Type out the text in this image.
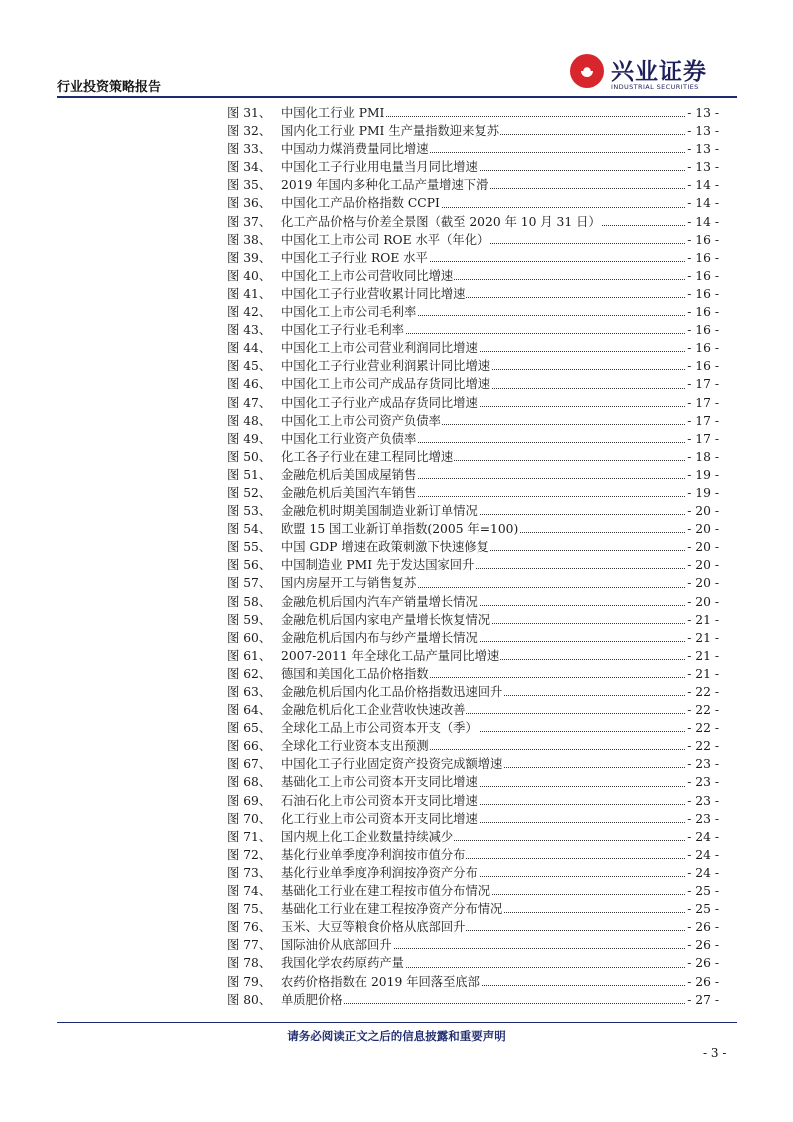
行业投资策略报告
兴业证券
INDUSTRIAL SECURITIES
图 31、 中国化工行业 PMI	- 13 -
图 32、 国内化工行业 PMI 生产量指数迎来复苏	- 13 -
图 33、 中国动力煤消费量同比增速	- 13 -
图 34、 中国化工子行业用电量当月同比增速	- 13 -
图 35、 2019 年国内多种化工品产量增速下滑	- 14 -
图 36、 中国化工产品价格指数 CCPI	- 14 -
图 37、 化工产品价格与价差全景图（截至 2020 年 10 月 31 日）	- 14 -
图 38、 中国化工上市公司 ROE 水平（年化）	- 16 -
图 39、 中国化工子行业 ROE 水平	- 16 -
图 40、 中国化工上市公司营收同比增速	- 16 -
图 41、 中国化工子行业营收累计同比增速	- 16 -
图 42、 中国化工上市公司毛利率	- 16 -
图 43、 中国化工子行业毛利率	- 16 -
图 44、 中国化工上市公司营业利润同比增速	- 16 -
图 45、 中国化工子行业营业利润累计同比增速	- 16 -
图 46、 中国化工上市公司产成品存货同比增速	- 17 -
图 47、 中国化工子行业产成品存货同比增速	- 17 -
图 48、 中国化工上市公司资产负债率	- 17 -
图 49、 中国化工行业资产负债率	- 17 -
图 50、 化工各子行业在建工程同比增速	- 18 -
图 51、 金融危机后美国成屋销售	- 19 -
图 52、 金融危机后美国汽车销售	- 19 -
图 53、 金融危机时期美国制造业新订单情况	- 20 -
图 54、 欧盟 15 国工业新订单指数(2005 年=100)	- 20 -
图 55、 中国 GDP 增速在政策刺激下快速修复	- 20 -
图 56、 中国制造业 PMI 先于发达国家回升	- 20 -
图 57、 国内房屋开工与销售复苏	- 20 -
图 58、 金融危机后国内汽车产销量增长情况	- 20 -
图 59、 金融危机后国内家电产量增长恢复情况	- 21 -
图 60、 金融危机后国内布与纱产量增长情况	- 21 -
图 61、 2007-2011 年全球化工品产量同比增速	- 21 -
图 62、 德国和美国化工品价格指数	- 21 -
图 63、 金融危机后国内化工品价格指数迅速回升	- 22 -
图 64、 金融危机后化工企业营收快速改善	- 22 -
图 65、 全球化工品上市公司资本开支（季）	- 22 -
图 66、 全球化工行业资本支出预测	- 22 -
图 67、 中国化工子行业固定资产投资完成额增速	- 23 -
图 68、 基础化工上市公司资本开支同比增速	- 23 -
图 69、 石油石化上市公司资本开支同比增速	- 23 -
图 70、 化工行业上市公司资本开支同比增速	- 23 -
图 71、 国内规上化工企业数量持续减少	- 24 -
图 72、 基化行业单季度净利润按市值分布	- 24 -
图 73、 基化行业单季度净利润按净资产分布	- 24 -
图 74、 基础化工行业在建工程按市值分布情况	- 25 -
图 75、 基础化工行业在建工程按净资产分布情况	- 25 -
图 76、 玉米、大豆等粮食价格从底部回升	- 26 -
图 77、 国际油价从底部回升	- 26 -
图 78、 我国化学农药原药产量	- 26 -
图 79、 农药价格指数在 2019 年回落至底部	- 26 -
图 80、 单质肥价格	- 27 -
请务必阅读正文之后的信息披露和重要声明
- 3 -
